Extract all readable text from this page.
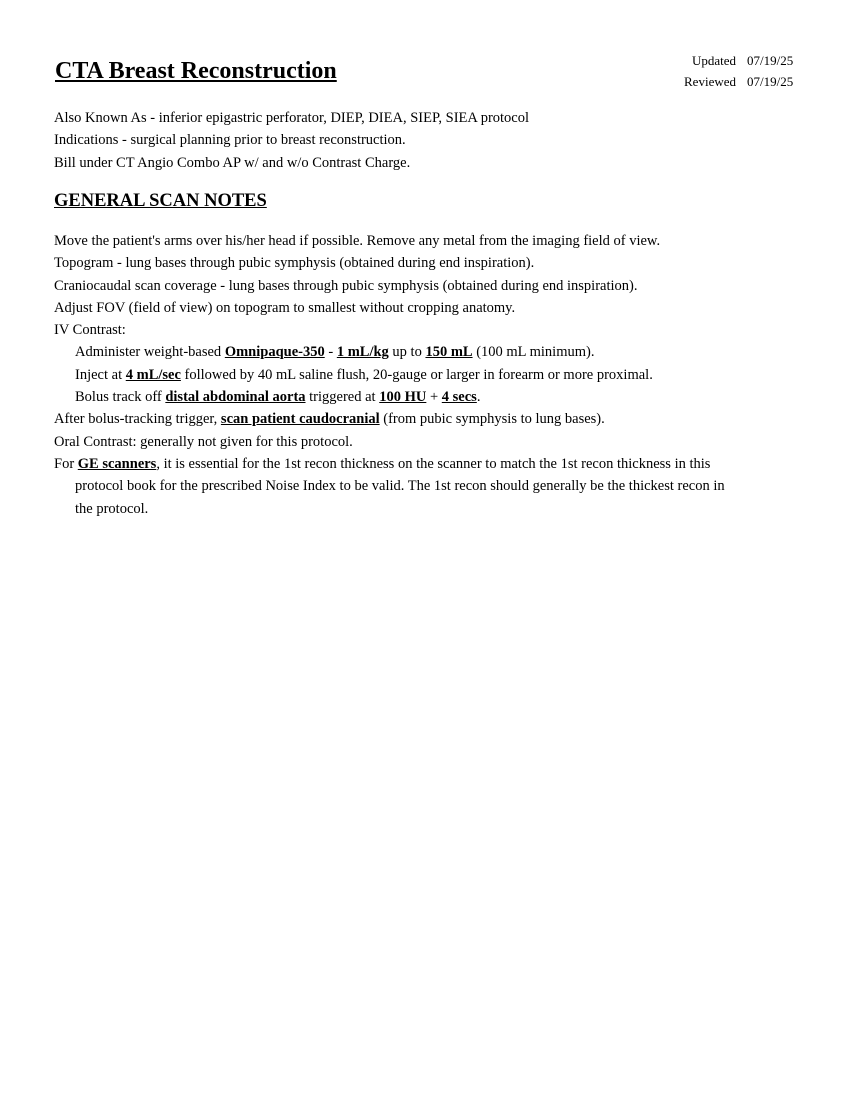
CTA Breast Reconstruction	Updated 07/19/25
Reviewed 07/19/25
Also Known As - inferior epigastric perforator, DIEP, DIEA, SIEP, SIEA protocol
Indications - surgical planning prior to breast reconstruction.
Bill under CT Angio Combo AP w/ and w/o Contrast Charge.
GENERAL SCAN NOTES
Move the patient's arms over his/her head if possible. Remove any metal from the imaging field of view.
Topogram - lung bases through pubic symphysis (obtained during end inspiration).
Craniocaudal scan coverage - lung bases through pubic symphysis (obtained during end inspiration).
Adjust FOV (field of view) on topogram to smallest without cropping anatomy.
IV Contrast:
Administer weight-based Omnipaque-350 - 1 mL/kg up to 150 mL (100 mL minimum).
Inject at 4 mL/sec followed by 40 mL saline flush, 20-gauge or larger in forearm or more proximal.
Bolus track off distal abdominal aorta triggered at 100 HU + 4 secs.
After bolus-tracking trigger, scan patient caudocranial (from pubic symphysis to lung bases).
Oral Contrast: generally not given for this protocol.
For GE scanners, it is essential for the 1st recon thickness on the scanner to match the 1st recon thickness in this
protocol book for the prescribed Noise Index to be valid. The 1st recon should generally be the thickest recon in
the protocol.
